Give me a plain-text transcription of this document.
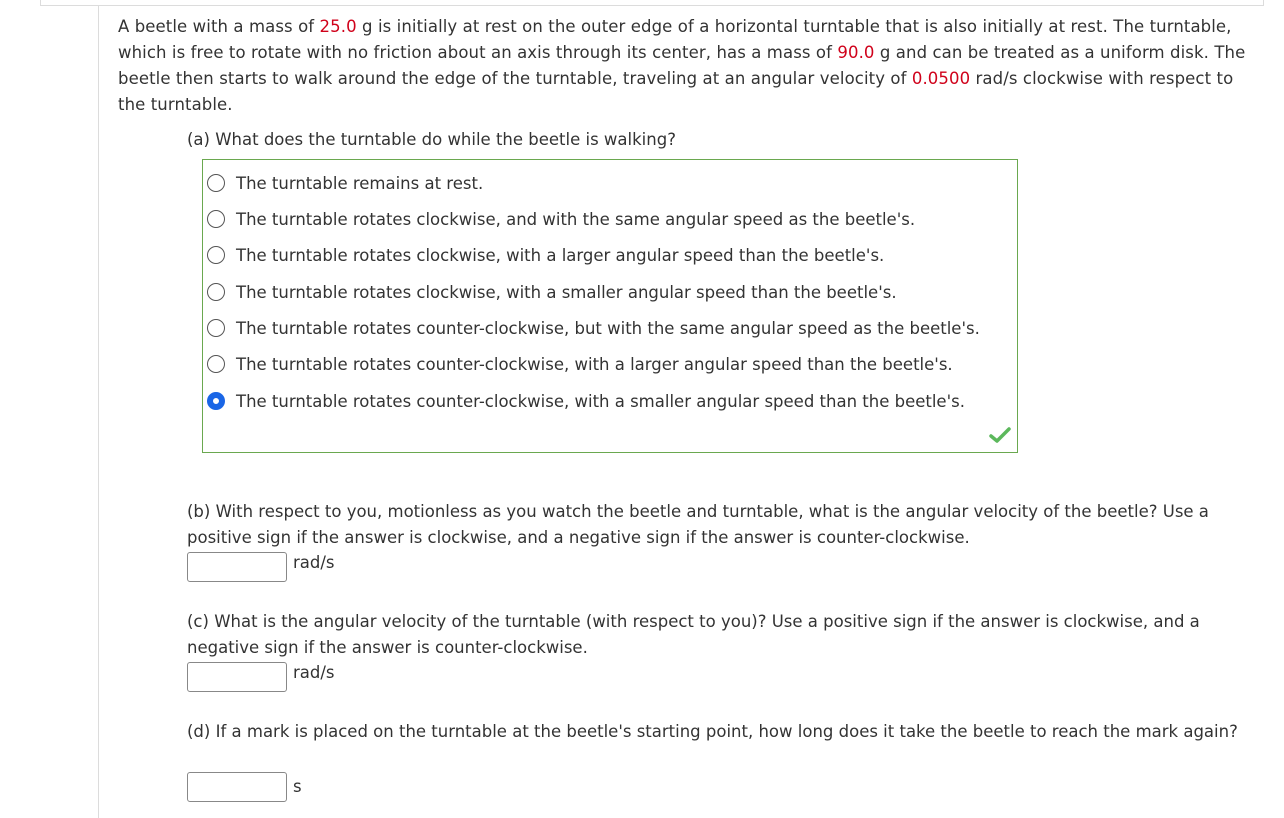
A beetle with a mass of 25.0 g is initially at rest on the outer edge of a horizontal turntable that is also initially at rest. The turntable, which is free to rotate with no friction about an axis through its center, has a mass of 90.0 g and can be treated as a uniform disk. The beetle then starts to walk around the edge of the turntable, traveling at an angular velocity of 0.0500 rad/s clockwise with respect to the turntable.
(a) What does the turntable do while the beetle is walking?
The turntable remains at rest.
The turntable rotates clockwise, and with the same angular speed as the beetle's.
The turntable rotates clockwise, with a larger angular speed than the beetle's.
The turntable rotates clockwise, with a smaller angular speed than the beetle's.
The turntable rotates counter-clockwise, but with the same angular speed as the beetle's.
The turntable rotates counter-clockwise, with a larger angular speed than the beetle's.
The turntable rotates counter-clockwise, with a smaller angular speed than the beetle's.
(b) With respect to you, motionless as you watch the beetle and turntable, what is the angular velocity of the beetle? Use a positive sign if the answer is clockwise, and a negative sign if the answer is counter-clockwise.
rad/s
(c) What is the angular velocity of the turntable (with respect to you)? Use a positive sign if the answer is clockwise, and a negative sign if the answer is counter-clockwise.
rad/s
(d) If a mark is placed on the turntable at the beetle's starting point, how long does it take the beetle to reach the mark again?
s
